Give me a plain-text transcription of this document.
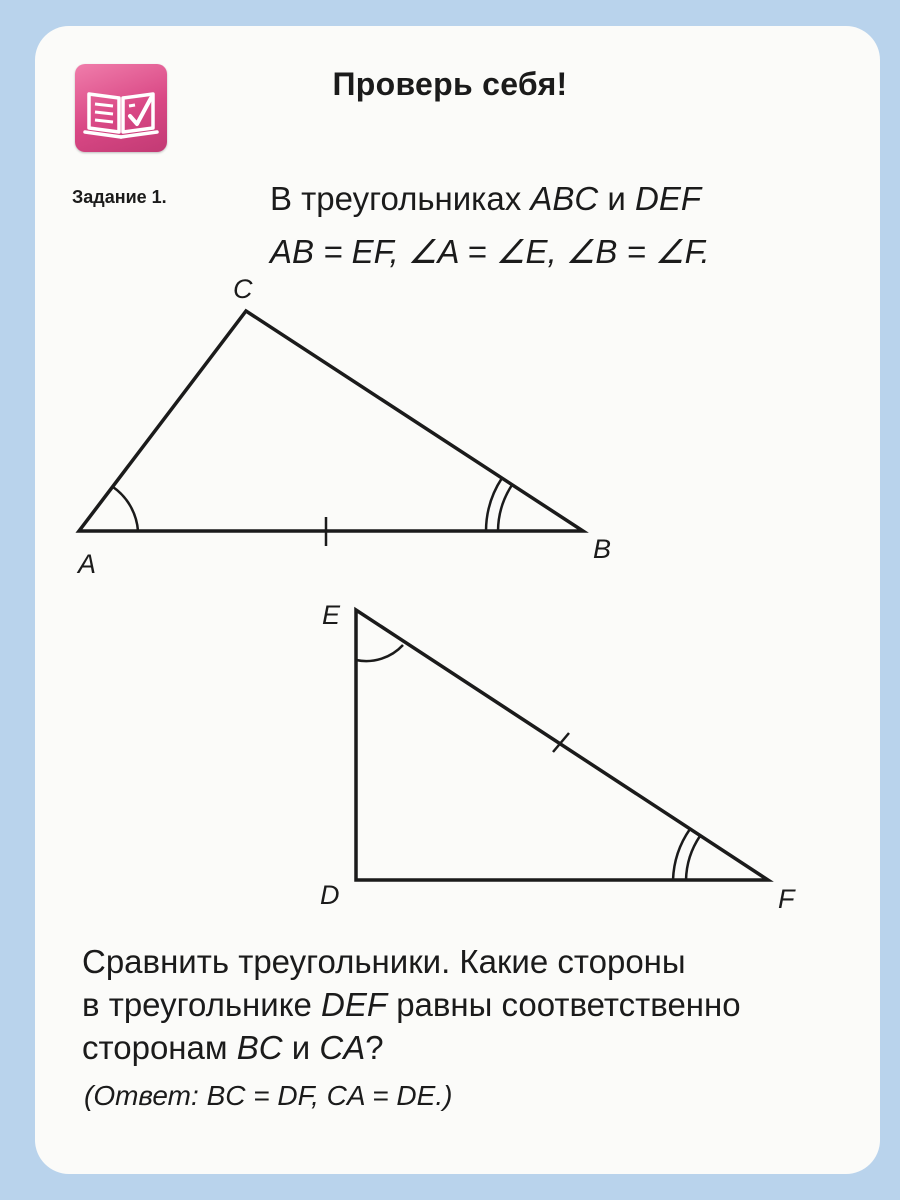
Проверь себя!
Задание 1.	В треугольниках ABC и DEF
AB = EF, ∠A = ∠E, ∠B = ∠F.
C
A	B
E
D	F
Сравнить треугольники. Какие стороны
в треугольнике DEF равны соответственно
сторонам BC и CA?
(Ответ: BC = DF, CA = DE.)
